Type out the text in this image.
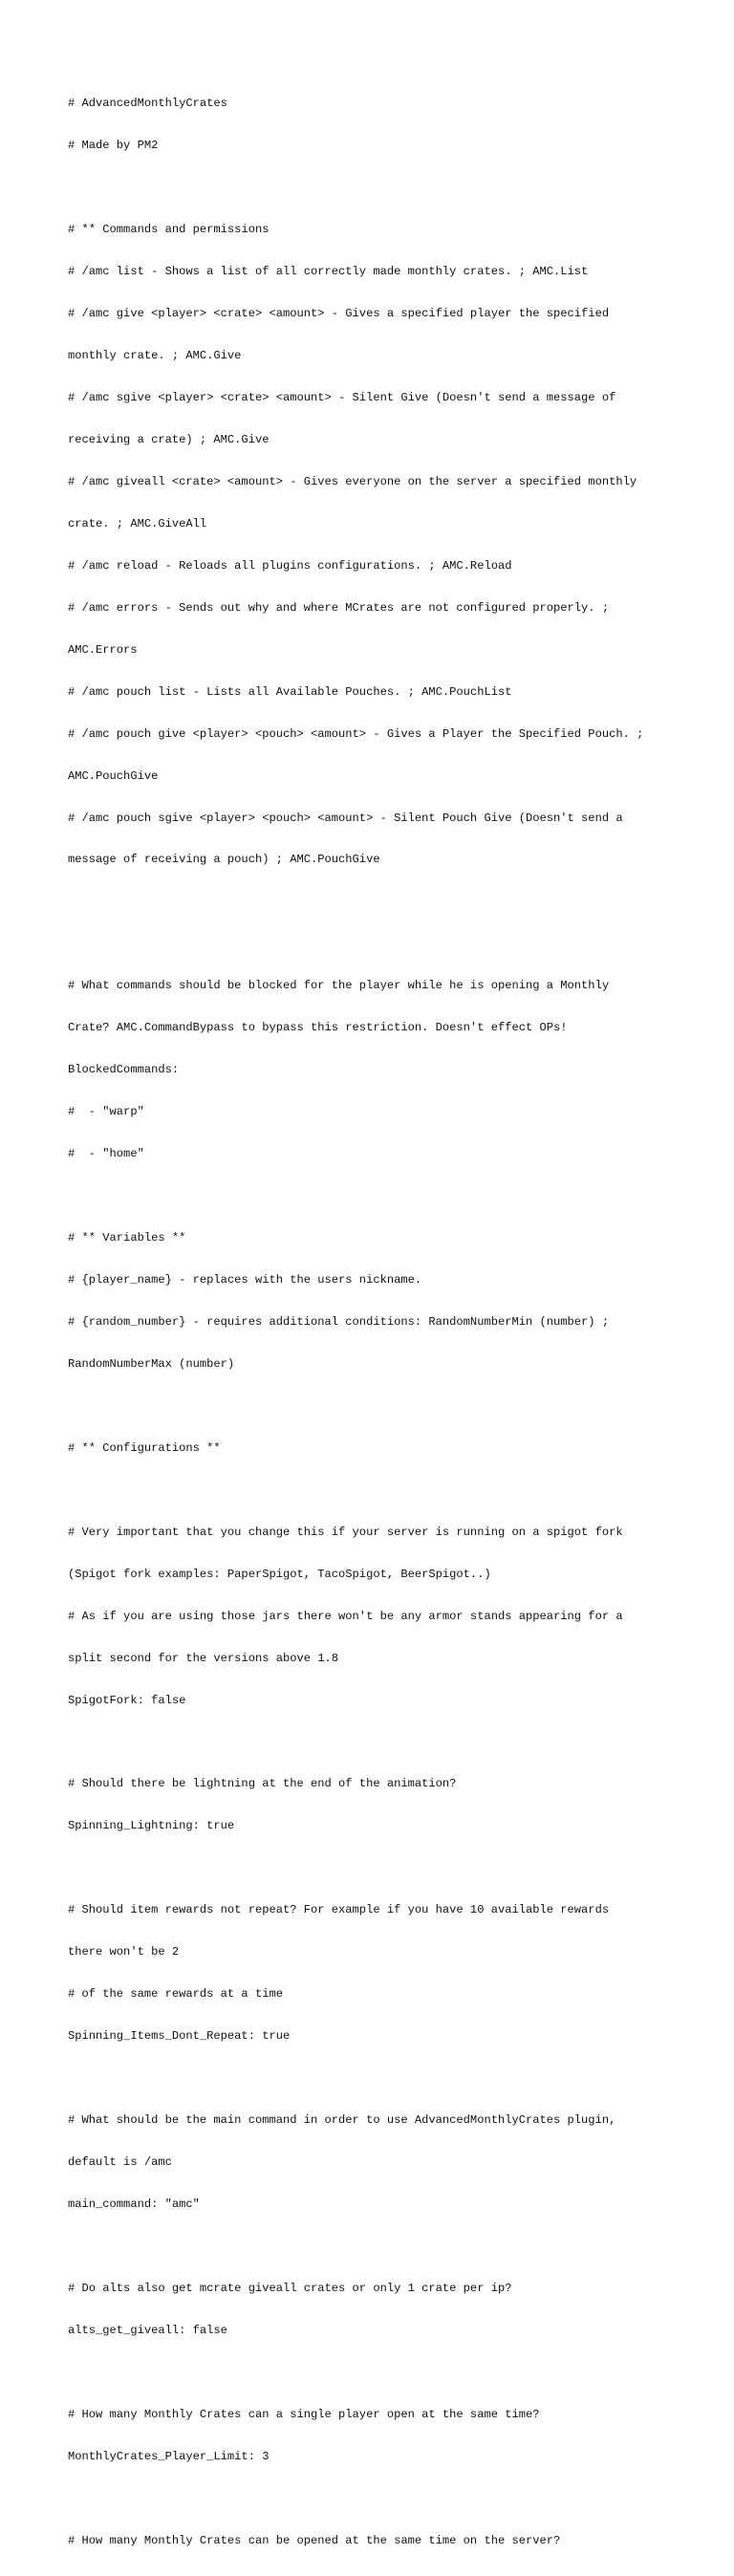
# AdvancedMonthlyCrates

# Made by PM2

# ** Commands and permissions

# /amc list - Shows a list of all correctly made monthly crates. ; AMC.List

# /amc give <player> <crate> <amount> - Gives a specified player the specified

monthly crate. ; AMC.Give

# /amc sgive <player> <crate> <amount> - Silent Give (Doesn't send a message of

receiving a crate) ; AMC.Give

# /amc giveall <crate> <amount> - Gives everyone on the server a specified monthly

crate. ; AMC.GiveAll

# /amc reload - Reloads all plugins configurations. ; AMC.Reload

# /amc errors - Sends out why and where MCrates are not configured properly. ;

AMC.Errors

# /amc pouch list - Lists all Available Pouches. ; AMC.PouchList

# /amc pouch give <player> <pouch> <amount> - Gives a Player the Specified Pouch. ;

AMC.PouchGive

# /amc pouch sgive <player> <pouch> <amount> - Silent Pouch Give (Doesn't send a

message of receiving a pouch) ; AMC.PouchGive

# What commands should be blocked for the player while he is opening a Monthly

Crate? AMC.CommandBypass to bypass this restriction. Doesn't effect OPs!

BlockedCommands:

#  - "warp"

#  - "home"

# ** Variables **

# {player_name} - replaces with the users nickname.

# {random_number} - requires additional conditions: RandomNumberMin (number) ;

RandomNumberMax (number)

# ** Configurations **

# Very important that you change this if your server is running on a spigot fork

(Spigot fork examples: PaperSpigot, TacoSpigot, BeerSpigot..)

# As if you are using those jars there won't be any armor stands appearing for a

split second for the versions above 1.8

SpigotFork: false

# Should there be lightning at the end of the animation?

Spinning_Lightning: true

# Should item rewards not repeat? For example if you have 10 available rewards

there won't be 2

# of the same rewards at a time

Spinning_Items_Dont_Repeat: true

# What should be the main command in order to use AdvancedMonthlyCrates plugin,

default is /amc

main_command: "amc"

# Do alts also get mcrate giveall crates or only 1 crate per ip?

alts_get_giveall: false

# How many Monthly Crates can a single player open at the same time?

MonthlyCrates_Player_Limit: 3

# How many Monthly Crates can be opened at the same time on the server?
